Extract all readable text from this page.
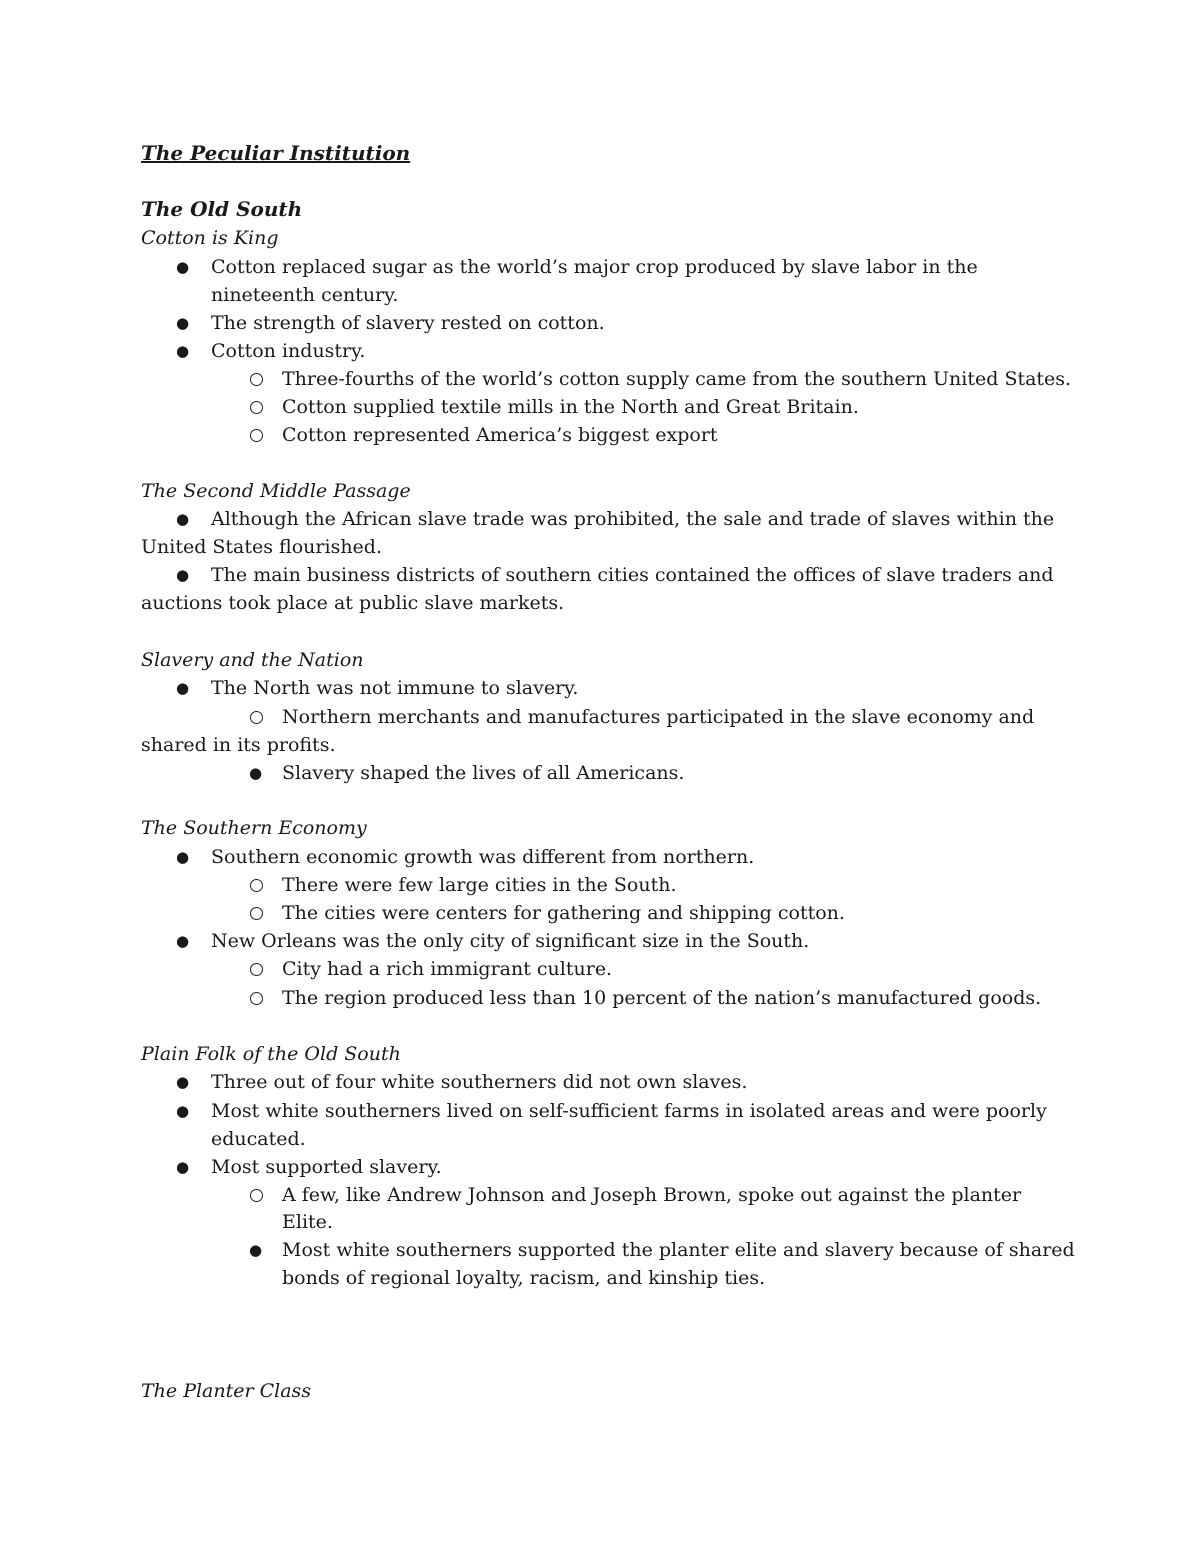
The Peculiar Institution
The Old South
Cotton is King
● Cotton replaced sugar as the world’s major crop produced by slave labor in the
nineteenth century.
● The strength of slavery rested on cotton.
● Cotton industry.
Three-fourths of the world’s cotton supply came from the southern United States.
Cotton supplied textile mills in the North and Great Britain.
Cotton represented America’s biggest export
The Second Middle Passage
● Although the African slave trade was prohibited, the sale and trade of slaves within the
United States flourished.
● The main business districts of southern cities contained the offices of slave traders and
auctions took place at public slave markets.
Slavery and the Nation
● The North was not immune to slavery.
Northern merchants and manufactures participated in the slave economy and
shared in its profits.
● Slavery shaped the lives of all Americans.
The Southern Economy
● Southern economic growth was different from northern.
There were few large cities in the South.
The cities were centers for gathering and shipping cotton.
● New Orleans was the only city of significant size in the South.
City had a rich immigrant culture.
The region produced less than 10 percent of the nation’s manufactured goods.
Plain Folk of the Old South
● Three out of four white southerners did not own slaves.
● Most white southerners lived on self-sufficient farms in isolated areas and were poorly
educated.
● Most supported slavery.
A few, like Andrew Johnson and Joseph Brown, spoke out against the planter
Elite.
● Most white southerners supported the planter elite and slavery because of shared
bonds of regional loyalty, racism, and kinship ties.
The Planter Class
